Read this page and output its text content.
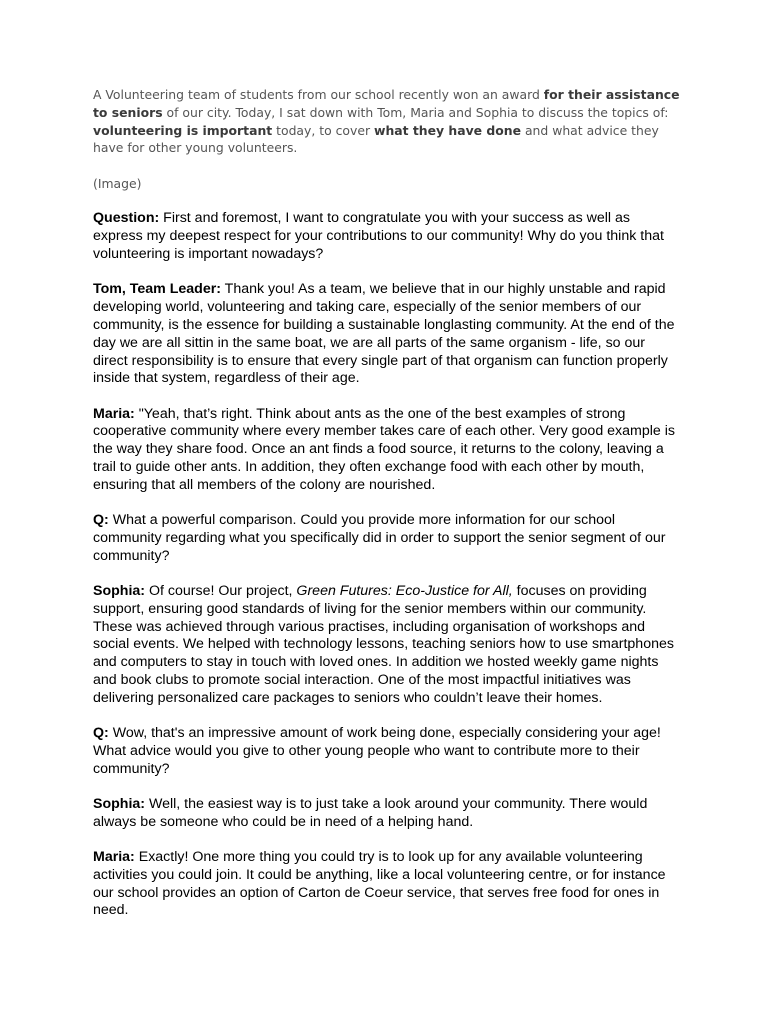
A Volunteering team of students from our school recently won an award for their assistance to seniors of our city. Today, I sat down with Tom, Maria and Sophia to discuss the topics of: volunteering is important today, to cover what they have done and what advice they have for other young volunteers.

(Image)

Question: First and foremost, I want to congratulate you with your success as well as express my deepest respect for your contributions to our community! Why do you think that volunteering is important nowadays?

Tom, Team Leader: Thank you! As a team, we believe that in our highly unstable and rapid developing world, volunteering and taking care, especially of the senior members of our community, is the essence for building a sustainable longlasting community. At the end of the day we are all sittin in the same boat, we are all parts of the same organism - life, so our direct responsibility is to ensure that every single part of that organism can function properly inside that system, regardless of their age.

Maria: "Yeah, that’s right. Think about ants as the one of the best examples of strong cooperative community where every member takes care of each other. Very good example is the way they share food. Once an ant finds a food source, it returns to the colony, leaving a trail to guide other ants. In addition, they often exchange food with each other by mouth, ensuring that all members of the colony are nourished.

Q: What a powerful comparison. Could you provide more information for our school community regarding what you specifically did in order to support the senior segment of our community?

Sophia: Of course! Our project, Green Futures: Eco-Justice for All, focuses on providing support, ensuring good standards of living for the senior members within our community. These was achieved through various practises, including organisation of workshops and social events. We helped with technology lessons, teaching seniors how to use smartphones and computers to stay in touch with loved ones. In addition we hosted weekly game nights and book clubs to promote social interaction. One of the most impactful initiatives was delivering personalized care packages to seniors who couldn’t leave their homes.

Q: Wow, that's an impressive amount of work being done, especially considering your age! What advice would you give to other young people who want to contribute more to their community?

Sophia: Well, the easiest way is to just take a look around your community. There would always be someone who could be in need of a helping hand.

Maria: Exactly! One more thing you could try is to look up for any available volunteering activities you could join. It could be anything, like a local volunteering centre, or for instance our school provides an option of Carton de Coeur service, that serves free food for ones in need.
